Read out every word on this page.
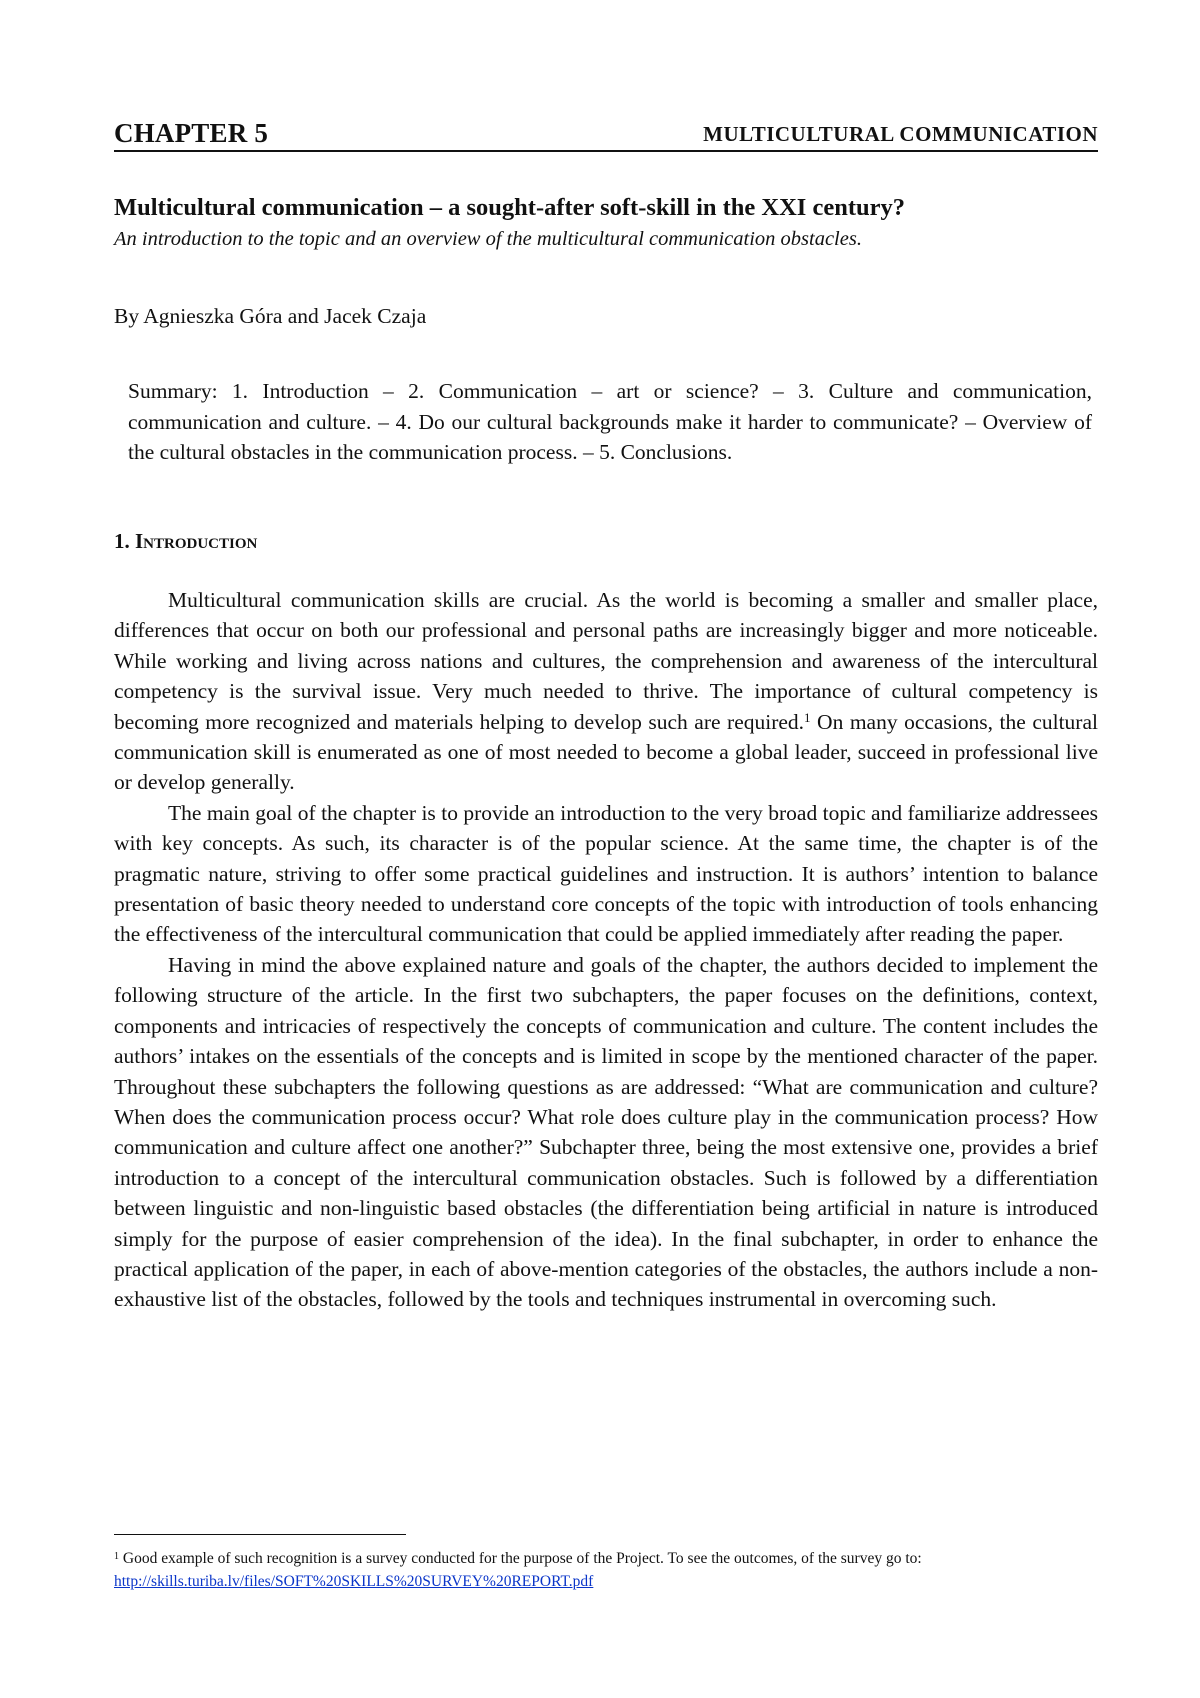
CHAPTER 5	MULTICULTURAL COMMUNICATION
Multicultural communication – a sought-after soft-skill in the XXI century?
An introduction to the topic and an overview of the multicultural communication obstacles.
By Agnieszka Góra and Jacek Czaja
Summary: 1. Introduction – 2. Communication – art or science? – 3. Culture and communication, communication and culture. – 4. Do our cultural backgrounds make it harder to communicate? – Overview of the cultural obstacles in the communication process. – 5. Conclusions.
1. Introduction

Multicultural communication skills are crucial. As the world is becoming a smaller and smaller place, differences that occur on both our professional and personal paths are increasingly bigger and more noticeable. While working and living across nations and cultures, the comprehension and awareness of the intercultural competency is the survival issue. Very much needed to thrive. The importance of cultural competency is becoming more recognized and materials helping to develop such are required.$^1$ On many occasions, the cultural communication skill is enumerated as one of most needed to become a global leader, succeed in professional live or develop generally.

The main goal of the chapter is to provide an introduction to the very broad topic and familiarize addressees with key concepts. As such, its character is of the popular science. At the same time, the chapter is of the pragmatic nature, striving to offer some practical guidelines and instruction. It is authors’ intention to balance presentation of basic theory needed to understand core concepts of the topic with introduction of tools enhancing the effectiveness of the intercultural communication that could be applied immediately after reading the paper.

Having in mind the above explained nature and goals of the chapter, the authors decided to implement the following structure of the article. In the first two subchapters, the paper focuses on the definitions, context, components and intricacies of respectively the concepts of communication and culture. The content includes the authors’ intakes on the essentials of the concepts and is limited in scope by the mentioned character of the paper. Throughout these subchapters the following questions as are addressed: “What are communication and culture? When does the communication process occur? What role does culture play in the communication process? How communication and culture affect one another?” Subchapter three, being the most extensive one, provides a brief introduction to a concept of the intercultural communication obstacles. Such is followed by a differentiation between linguistic and non-linguistic based obstacles (the differentiation being artificial in nature is introduced simply for the purpose of easier comprehension of the idea). In the final subchapter, in order to enhance the practical application of the paper, in each of above-mention categories of the obstacles, the authors include a non-exhaustive list of the obstacles, followed by the tools and techniques instrumental in overcoming such.

$^1$ Good example of such recognition is a survey conducted for the purpose of the Project. To see the outcomes, of the survey go to: http://skills.turiba.lv/files/SOFT%20SKILLS%20SURVEY%20REPORT.pdf
